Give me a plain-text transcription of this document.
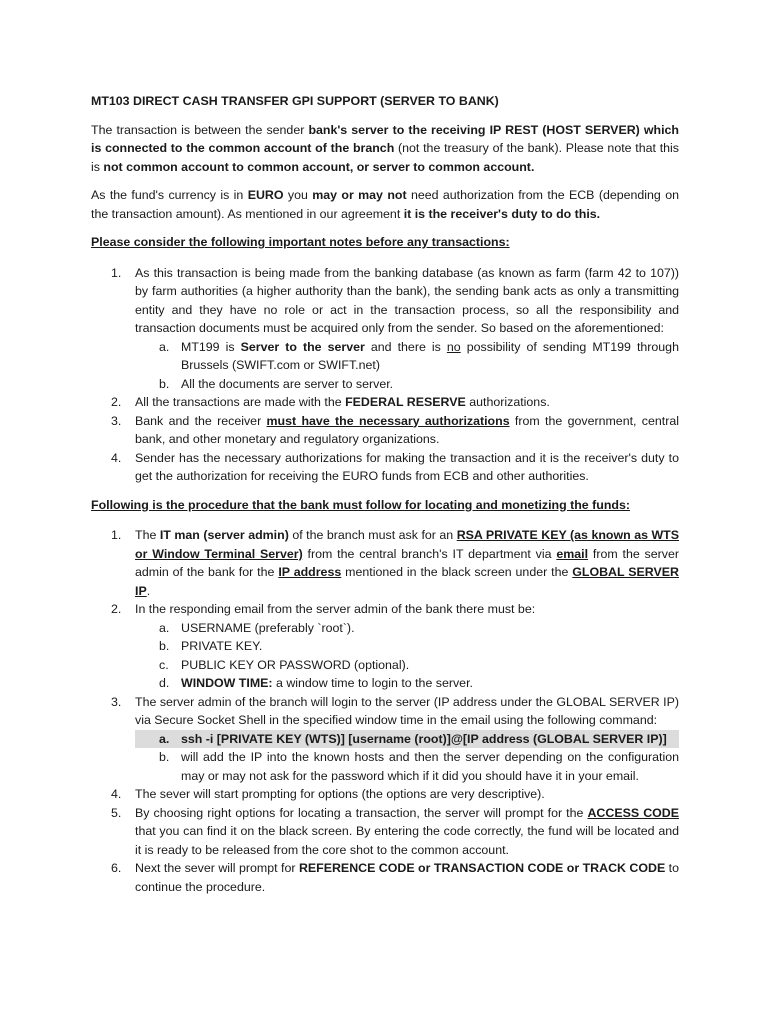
MT103 DIRECT CASH TRANSFER GPI SUPPORT (SERVER TO BANK)

The transaction is between the sender bank's server to the receiving IP REST (HOST SERVER) which is connected to the common account of the branch (not the treasury of the bank). Please note that this is not common account to common account, or server to common account.

As the fund's currency is in EURO you may or may not need authorization from the ECB (depending on the transaction amount). As mentioned in our agreement it is the receiver's duty to do this.

Please consider the following important notes before any transactions:

1. As this transaction is being made from the banking database (as known as farm (farm 42 to 107)) by farm authorities (a higher authority than the bank), the sending bank acts as only a transmitting entity and they have no role or act in the transaction process, so all the responsibility and transaction documents must be acquired only from the sender. So based on the aforementioned:
a. MT199 is Server to the server and there is no possibility of sending MT199 through Brussels (SWIFT.com or SWIFT.net)
b. All the documents are server to server.
2. All the transactions are made with the FEDERAL RESERVE authorizations.
3. Bank and the receiver must have the necessary authorizations from the government, central bank, and other monetary and regulatory organizations.
4. Sender has the necessary authorizations for making the transaction and it is the receiver's duty to get the authorization for receiving the EURO funds from ECB and other authorities.

Following is the procedure that the bank must follow for locating and monetizing the funds:

1. The IT man (server admin) of the branch must ask for an RSA PRIVATE KEY (as known as WTS or Window Terminal Server) from the central branch's IT department via email from the server admin of the bank for the IP address mentioned in the black screen under the GLOBAL SERVER IP.
2. In the responding email from the server admin of the bank there must be:
a. USERNAME (preferably `root`).
b. PRIVATE KEY.
c. PUBLIC KEY OR PASSWORD (optional).
d. WINDOW TIME: a window time to login to the server.
3. The server admin of the branch will login to the server (IP address under the GLOBAL SERVER IP) via Secure Socket Shell in the specified window time in the email using the following command:
a. ssh -i [PRIVATE KEY (WTS)] [username (root)]@[IP address (GLOBAL SERVER IP)]
b. will add the IP into the known hosts and then the server depending on the configuration may or may not ask for the password which if it did you should have it in your email.
4. The sever will start prompting for options (the options are very descriptive).
5. By choosing right options for locating a transaction, the server will prompt for the ACCESS CODE that you can find it on the black screen. By entering the code correctly, the fund will be located and it is ready to be released from the core shot to the common account.
6. Next the sever will prompt for REFERENCE CODE or TRANSACTION CODE or TRACK CODE to continue the procedure.
